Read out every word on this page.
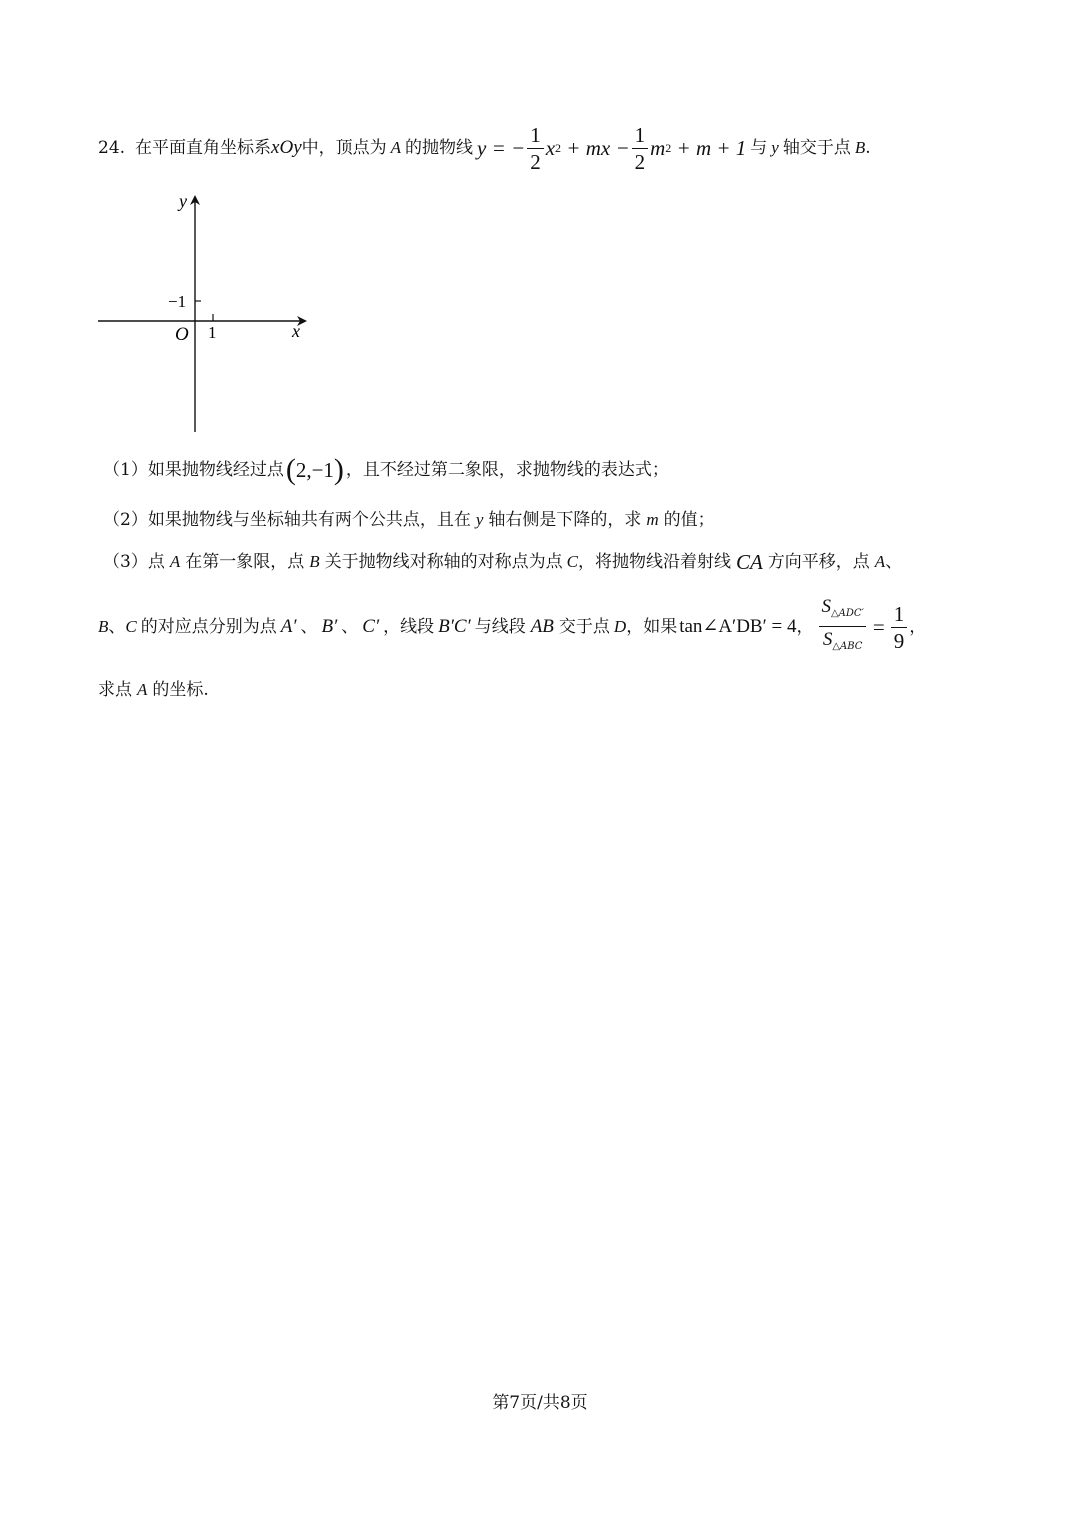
24. 在平面直角坐标系 xOy 中，顶点为 A 的抛物线 y = − $\frac{1}{2}$ x 2 + mx − $\frac{1}{2}$ m 2 + m + 1 与 y 轴交于点 B .
y
x
O
−1
1
（1） 如果抛物线经过点 ( 2,−1 ) ，且不经过第二象限，求抛物线的表达式；
（2） 如果抛物线与坐标轴共有两个公共点，且在 y 轴右侧是下降的，求 m 的值；
（3） 点 A 在第一象限，点 B 关于抛物线对称轴的对称点为点 C ，将抛物线沿着射线 CA 方向平移，点 A 、
B 、 C 的对应点分别为点 A′ 、 B′ 、 C′ ，线段 B′C′ 与线段 AB 交于点 D ，如果 tan∠A′DB′ = 4 ， $\frac{S_{\triangle ADC'}}{S_{\triangle ABC}} = \frac{1}{9}$ ，
求点 A 的坐标.
第7页/共8页
